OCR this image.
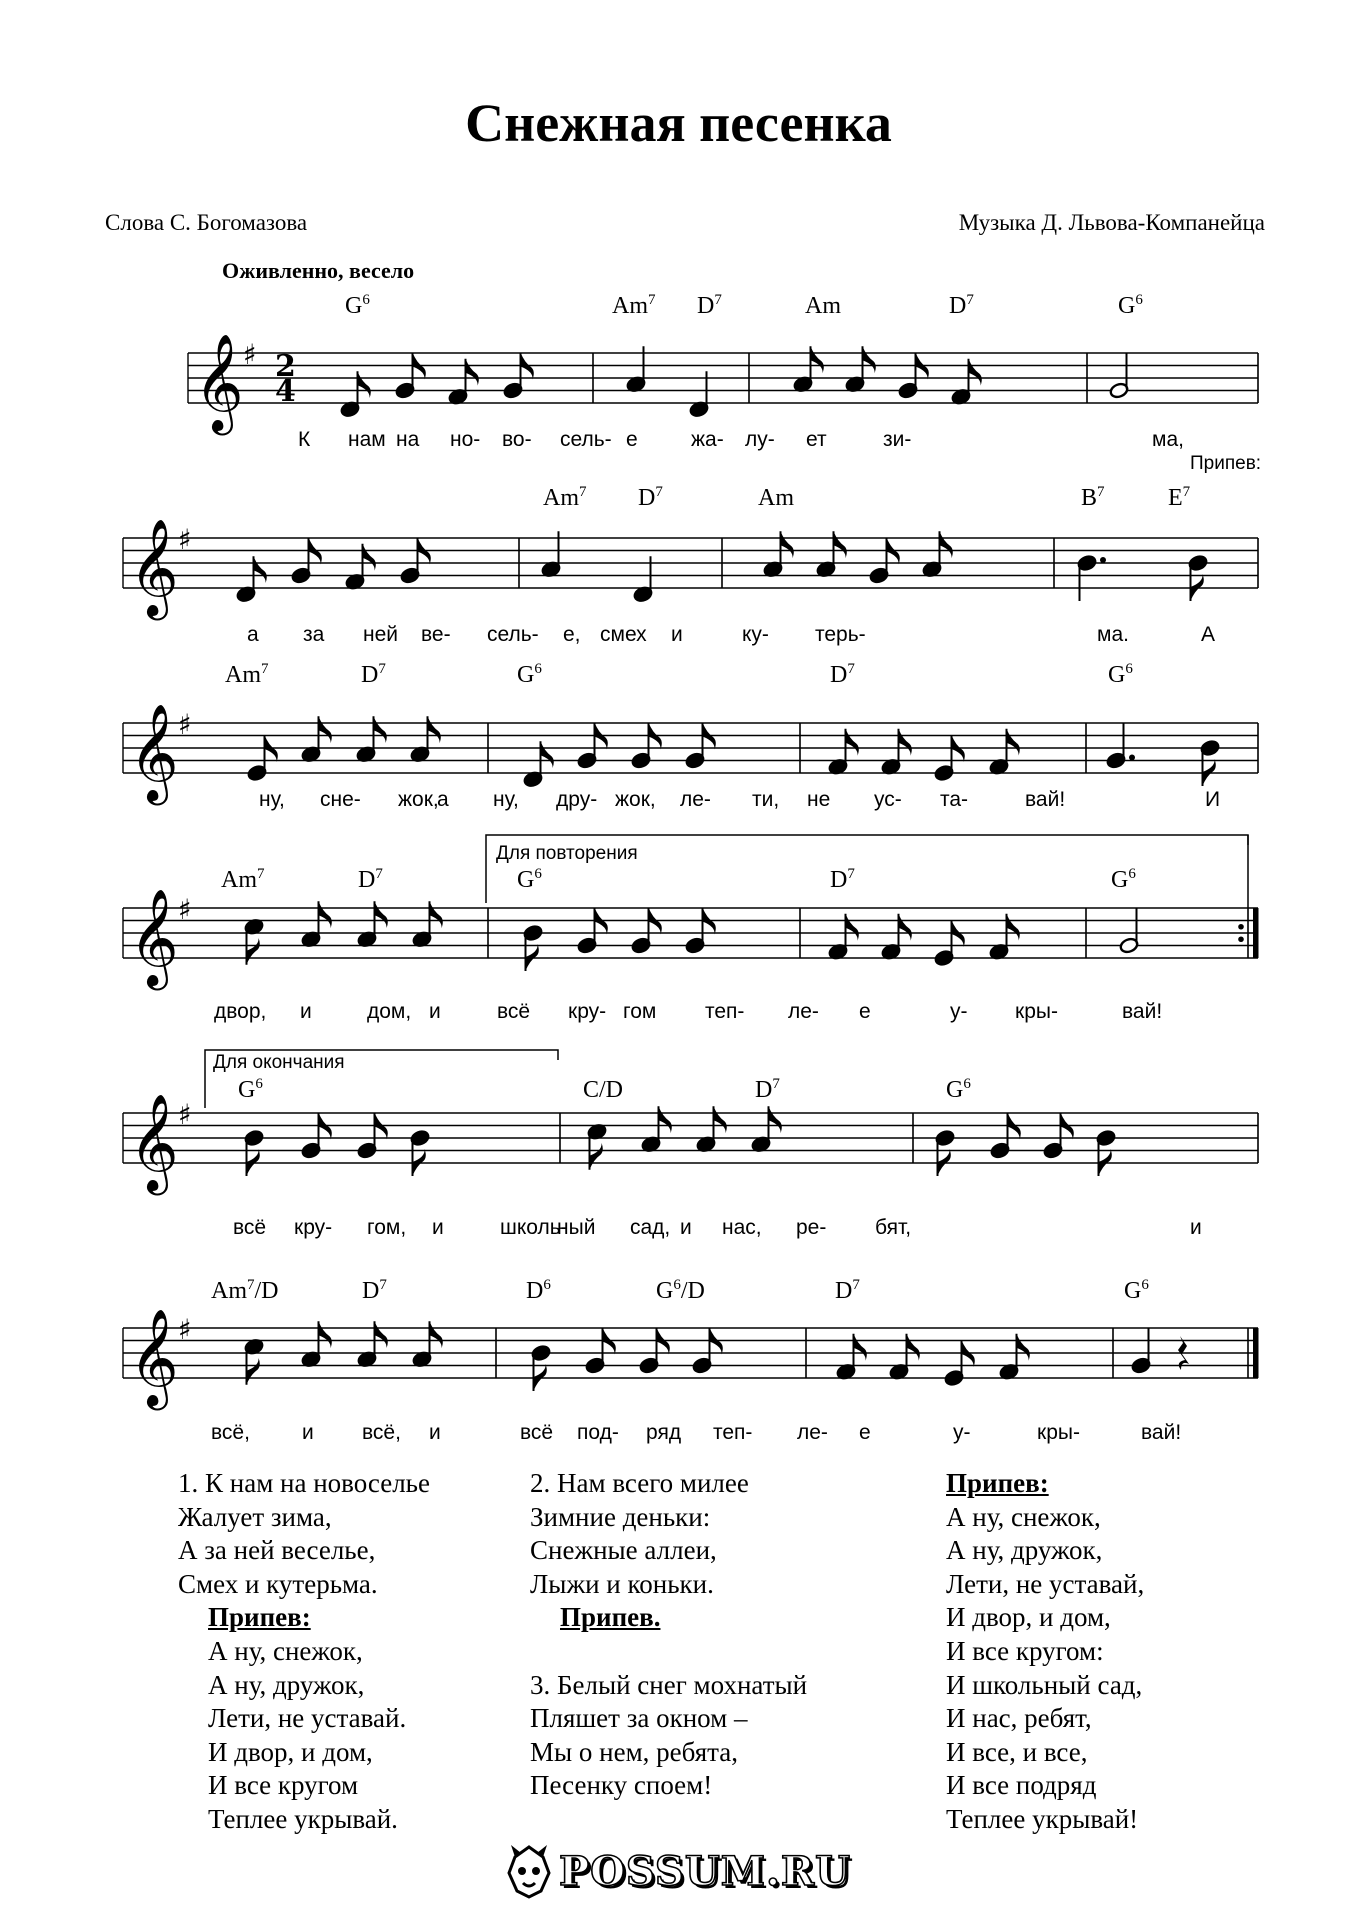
Снежная песенка
Слова С. Богомазова	Музыка Д. Львова-Компанейца
Оживленно, весело
Припев:
𝄞 ♯ 2
4
𝄞 ♯
𝄞 ♯
𝄞 ♯
𝄞 ♯
𝄞 ♯
Для повторения
Для окончания
$G^6$	Am$^7$ $D^7$	Am	$D^7$	$G^6$
Am$^7$ $D^7$	Am	$B^7$	$E^7$
Am$^7$	$D^7$	$G^6$	$D^7$	$G^6$
Am$^7$	$D^7$	$G^6$	$D^7$	$G^6$
$G^6$	C/D	$D^7$	$G^6$
Am$^7$/D	$D^7$	$D^6$	$G^6/D$	$D^7$	$G^6$
К нам на но- во- сель- е	жа- лу- ет	зи-	ма,
а за ней ве- сель- е, смех и	ку- терь-	ма.	А
ну, сне- жок,
а ну, дру- жок, ле- ти, не ус- та-	вай!	И
двор, и	дом, и	всё кру- гом теп- ле- е	у- кры-	вай!
всё кру- гом, и	школь-
ный сад, и нас, ре- бят,	и
всё, и всё, и	всё под- ряд теп- ле- е	у-	кры-	вай!
1. К нам на новоселье
Жалует зима,
А за ней веселье,
Смех и кутерьма.
Припев:
А ну, снежок,
А ну, дружок,
Лети, не уставай.
И двор, и дом,
И все кругом
Теплее укрывай.
2. Нам всего милее
Зимние деньки:
Снежные аллеи,
Лыжи и коньки.
Припев.
3. Белый снег мохнатый
Пляшет за окном –
Мы о нем, ребята,
Песенку споем!
Припев:
А ну, снежок,
А ну, дружок,
Лети, не уставай,
И двор, и дом,
И все кругом:
И школьный сад,
И нас, ребят,
И все, и все,
И все подряд
Теплее укрывай!
POSSUM.RU
